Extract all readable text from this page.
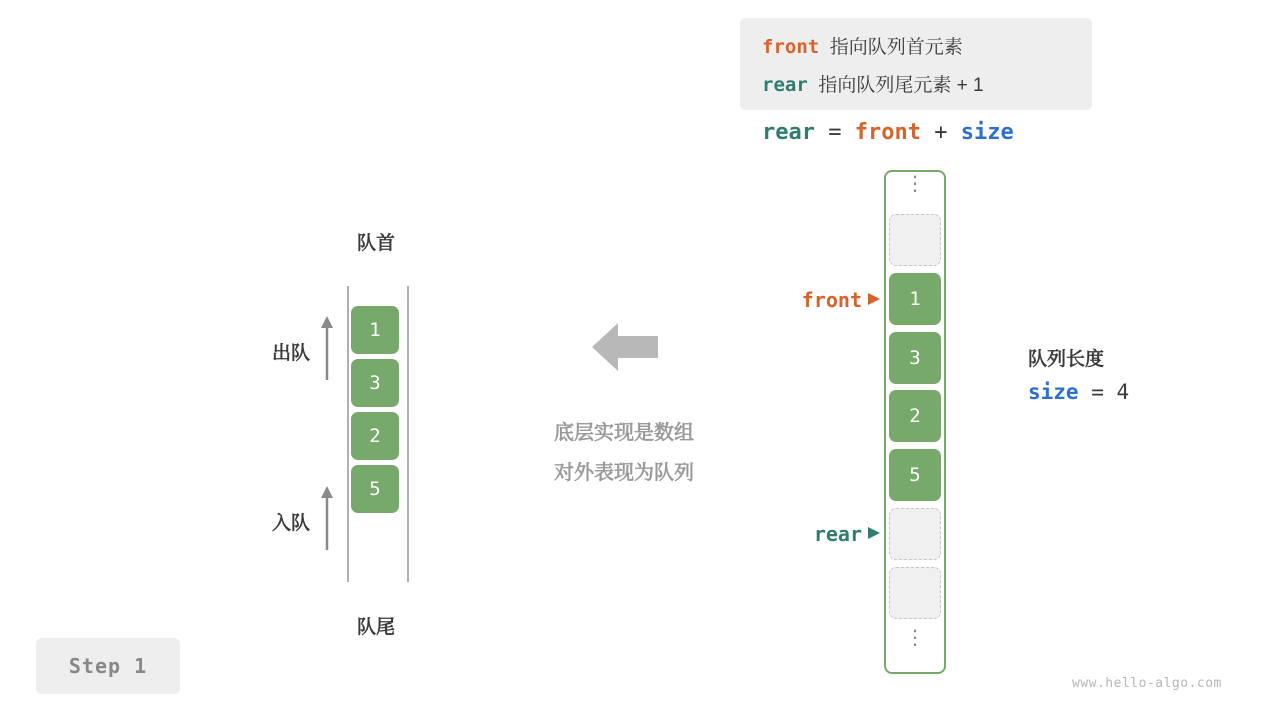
Step 1
队首
队尾
1
3
2
5
出队
入队
底层实现是数组
对外表现为队列
front 指向队列首元素
rear 指向队列尾元素 + 1
rear = front + size
⋮
⋮
1
3
2
5
front
rear
队列长度
size = 4
www.hello-algo.com
